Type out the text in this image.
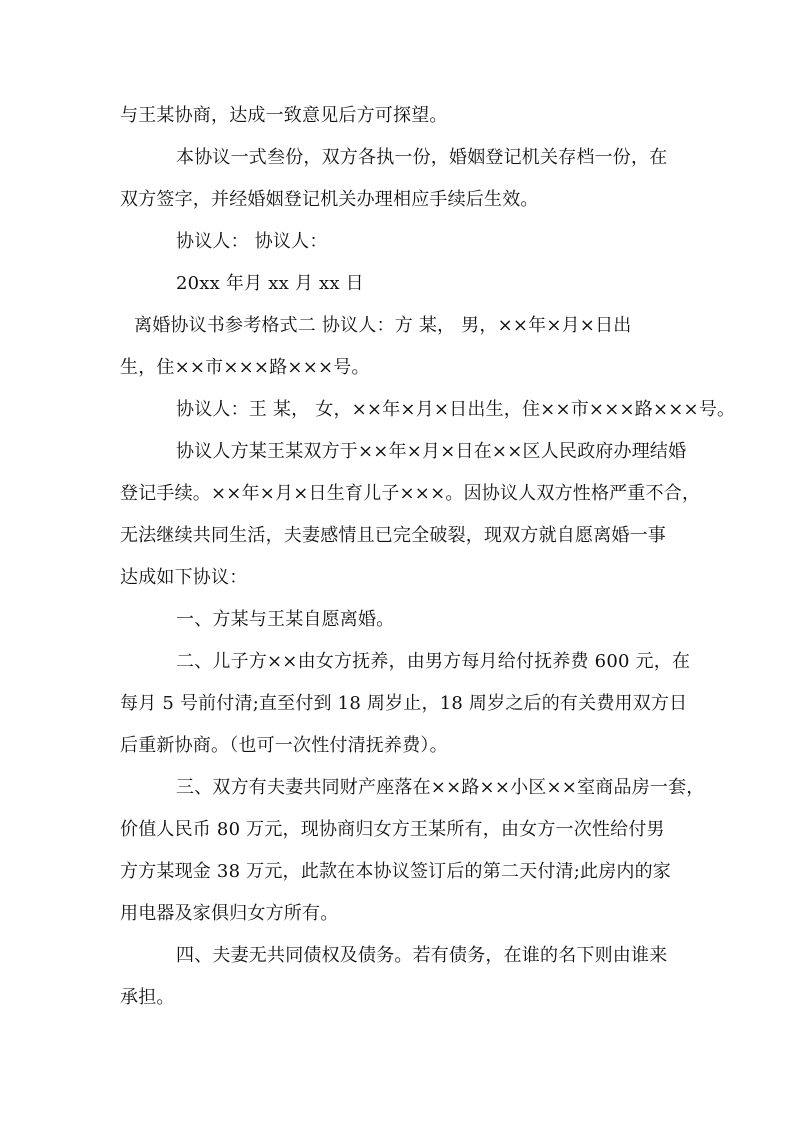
与王某协商，达成一致意见后方可探望。
本协议一式叁份，双方各执一份，婚姻登记机关存档一份，在
双方签字，并经婚姻登记机关办理相应手续后生效。
协议人： 协议人：
20xx 年月 xx 月 xx 日
离婚协议书参考格式二 协议人：方 某， 男，××年×月×日出
生，住××市×××路×××号。
协议人：王 某， 女，××年×月×日出生，住××市×××路×××号。
协议人方某王某双方于××年×月×日在××区人民政府办理结婚
登记手续。××年×月×日生育儿子×××。因协议人双方性格严重不合，
无法继续共同生活，夫妻感情且已完全破裂，现双方就自愿离婚一事
达成如下协议：
一、方某与王某自愿离婚。
二、儿子方××由女方抚养，由男方每月给付抚养费 600 元，在
每月 5 号前付清;直至付到 18 周岁止，18 周岁之后的有关费用双方日
后重新协商。（也可一次性付清抚养费）。
三、双方有夫妻共同财产座落在××路××小区××室商品房一套，
价值人民币 80 万元，现协商归女方王某所有，由女方一次性给付男
方方某现金 38 万元，此款在本协议签订后的第二天付清;此房内的家
用电器及家俱归女方所有。
四、夫妻无共同债权及债务。若有债务，在谁的名下则由谁来
承担。
